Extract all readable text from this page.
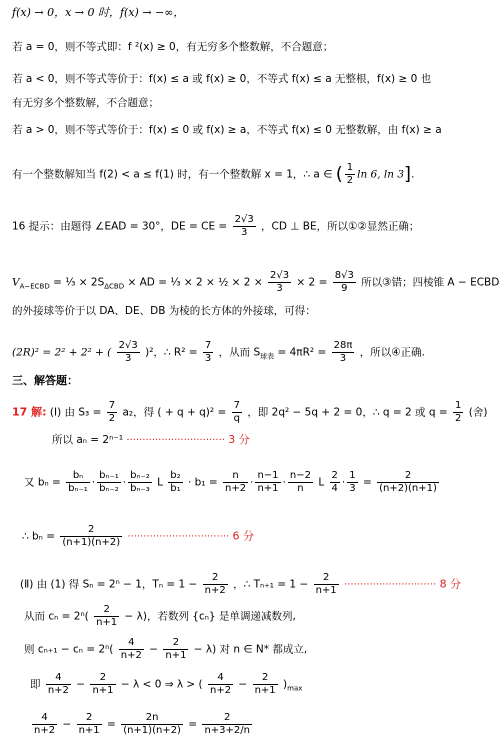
f(x) → 0，x → 0 时，f(x) → −∞，
若 a = 0，则不等式即：f ²(x) ≥ 0，有无穷多个整数解，不合题意；
若 a < 0，则不等式等价于：f(x) ≤ a 或 f(x) ≥ 0，不等式 f(x) ≤ a 无整根，f(x) ≥ 0 也
有无穷多个整数解，不合题意；
若 a > 0，则不等式等价于：f(x) ≤ 0 或 f(x) ≥ a，不等式 f(x) ≤ 0 无整数解，由 f(x) ≥ a
有一个整数解知当 f(2) < a ≤ f(1) 时，有一个整数解 x = 1，∴ a ∈ ( $\frac{1}{2}$ ln 6, ln 3].
16 提示：由题得 ∠EAD = 30°，DE = CE = $\frac{2√3}{3}$ ，CD ⊥ BE，所以①②显然正确；
$V_{A-ECBD}$ = ⅓ × $2S_{\Delta CBD}$ × AD = ⅓ × 2 × ½ × $2 \times \frac{2√3}{3} \times 2 = \frac{8√3}{9}$ 所以③错；四棱锥 A − ECBD
的外接球等价于以 DA、DE、DB 为棱的长方体的外接球，可得：
(2R)² = 2² + 2² + ( $\frac{2√3}{3} )^2$，∴ $R^2 = \frac{7}{3}$ ，从而 $S_{球表} = 4\pi R^2 = \frac{28\pi}{3}$ ，所以④正确.
三、解答题：
17 解: (Ⅰ) 由 $S_3 = \frac{7}{2} a_2$，得 ( + $q + q)^2 = \frac{7}{q}$ ，即 2q² − 5q + 2 = 0，∴ q = 2 或 $q = \frac{1}{2}$ (舍)
所以 aₙ = 2ⁿ⁻¹ ······························· 3 分
又 $b_n = \frac{\text{bₙ}}{\text{bₙ₋₁}} \cdot \frac{\text{bₙ₋₁}}{\text{bₙ₋₂}} \cdot \frac{\text{bₙ₋₂}}{\text{bₙ₋₃}}$ L $\frac{\text{b₂}}{\text{b₁}} \cdot b_1 = \frac{n}{n+2} \cdot \frac{n-1}{n+1} \cdot \frac{n-2}{n}$ L $\frac{2}{4} \cdot \frac{1}{3} = \frac{2}{(n+2)(n+1)}$
∴ $b_n = \frac{2}{(n+1)(n+2)}$ ································ 6 分
(Ⅱ) 由 (1) 得 Sₙ = 2ⁿ − 1，$T_n = 1 - \frac{2}{n+2}$ ，∴ $T_{n+1} = 1 - \frac{2}{n+1}$ ····························· 8 分
从而 $c_n = 2^n( \frac{2}{n+1} - \lambda)$，若数列 {cₙ} 是单调递减数列,
则 $c_{n+1} - c_n = 2^n( \frac{4}{n+2} - \frac{2}{n+1} - \lambda)$ 对 n ∈ N* 都成立,
即 $\frac{4}{n+2} - \frac{2}{n+1} - \lambda < 0$ ⇒ λ > ( $\frac{4}{n+2} - \frac{2}{n+1} )_{max}$
$\frac{4}{n+2} - \frac{2}{n+1} = \frac{2n}{(n+1)(n+2)} = \frac{2}{n+3+2/n}$
